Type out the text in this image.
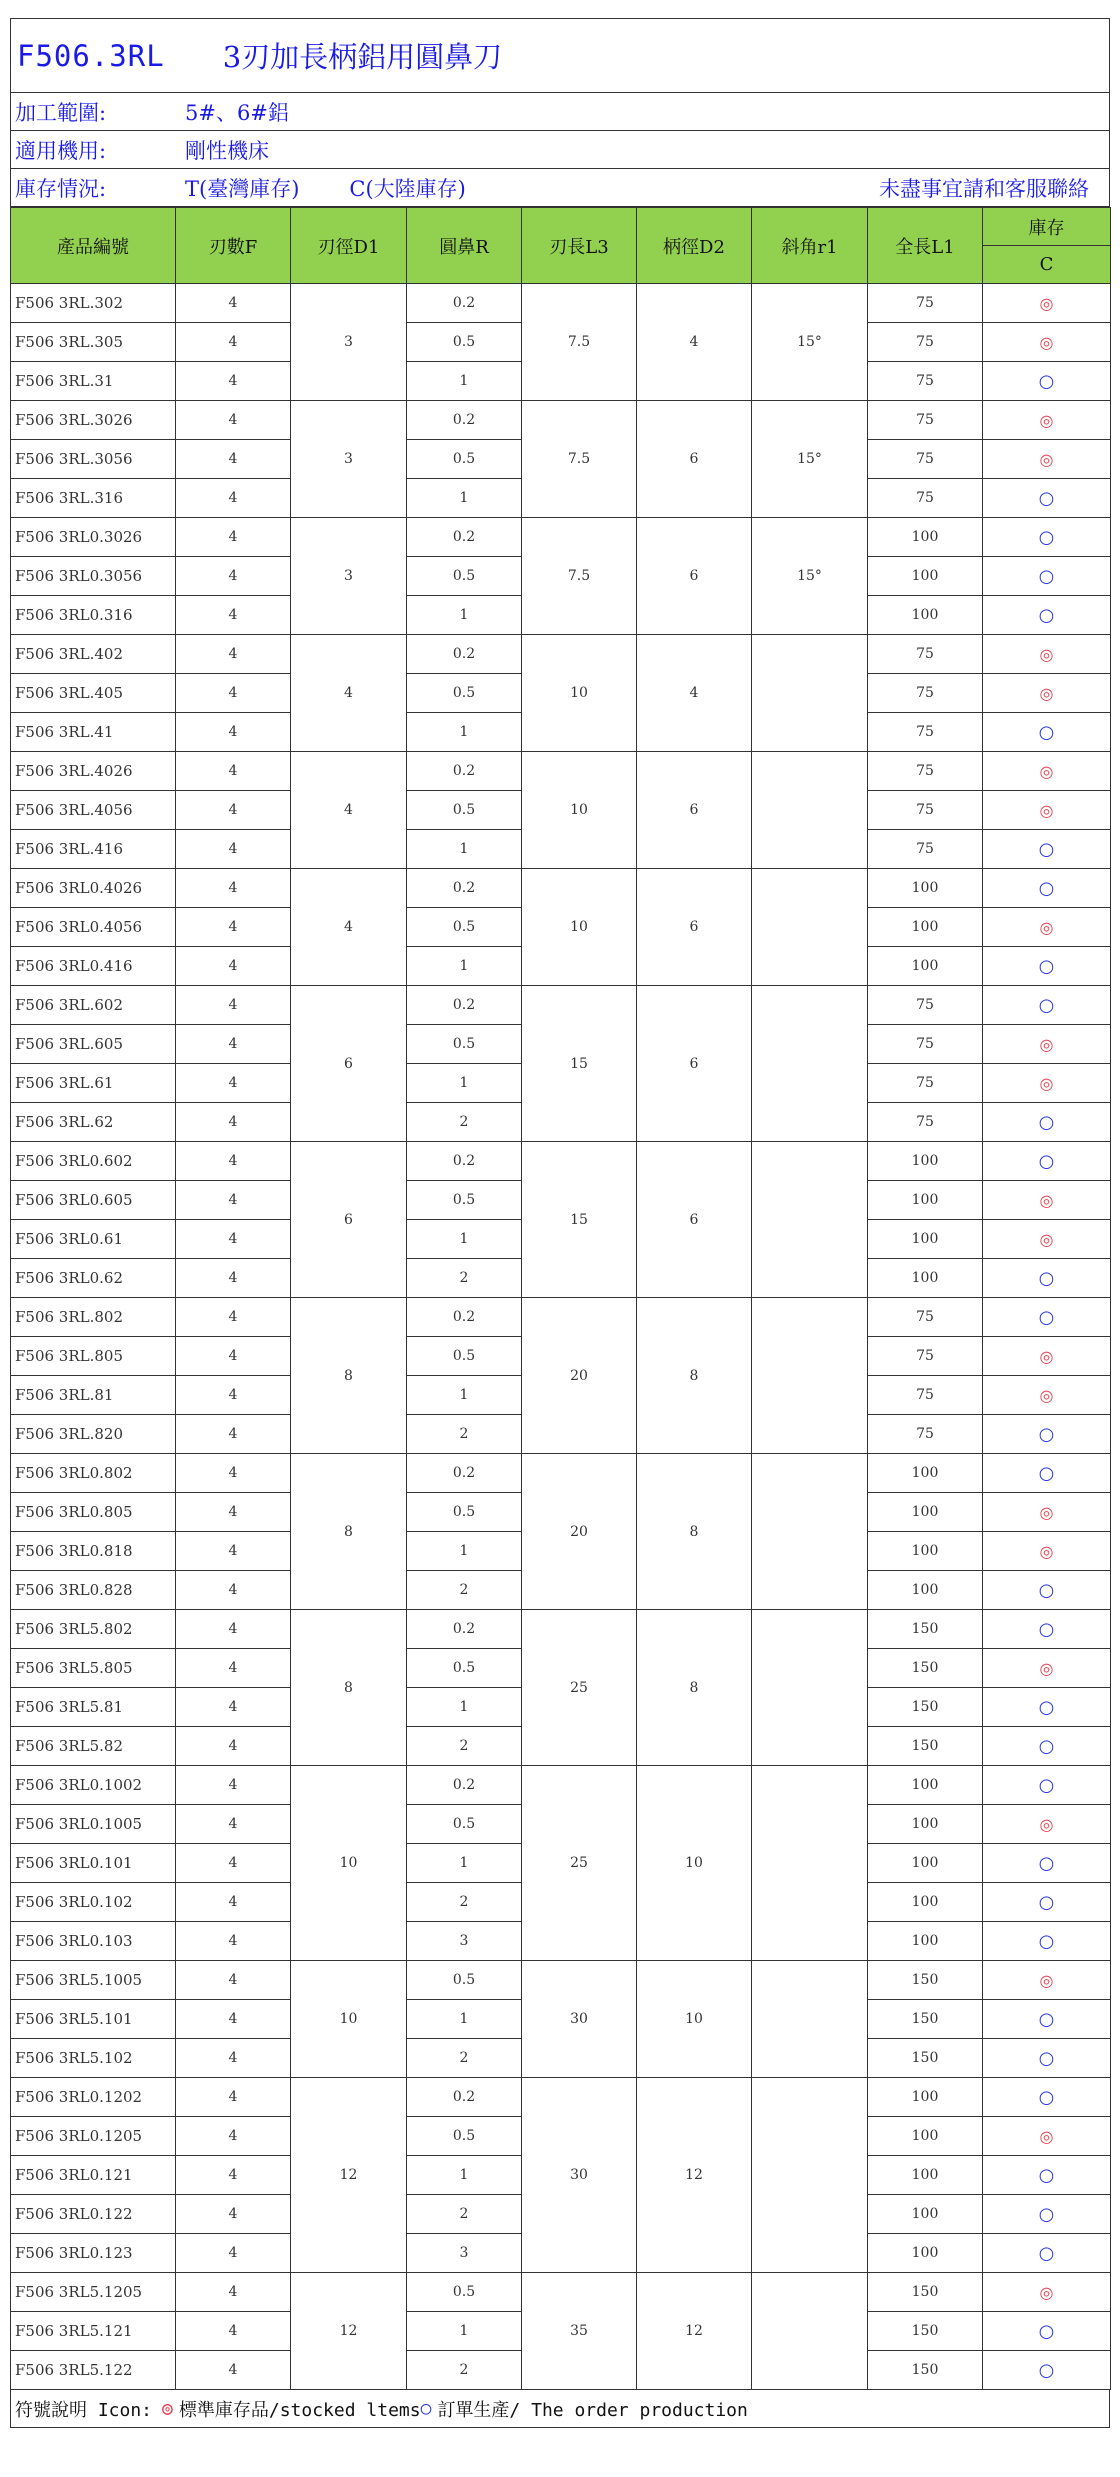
F506.3RL 3刃加長柄鋁用圓鼻刀
加工範圍:	5#、6#鋁
適用機用:	剛性機床
庫存情況:	T(臺灣庫存) C(大陸庫存)	未盡事宜請和客服聯絡
產品編號	刃數F	刃徑D1	圓鼻R	刃長L3	柄徑D2	斜角r1	全長L1	庫存
								C
F506 3RL.302	4	3	0.2	7.5	4	15°	75	◎
F506 3RL.305	4		0.5				75	◎
F506 3RL.31	4		1				75	○
F506 3RL.3026	4	3	0.2	7.5	6	15°	75	◎
F506 3RL.3056	4		0.5				75	◎
F506 3RL.316	4		1				75	○
F506 3RL0.3026	4	3	0.2	7.5	6	15°	100	○
F506 3RL0.3056	4		0.5				100	○
F506 3RL0.316	4		1				100	○
F506 3RL.402	4	4	0.2	10	4		75	◎
F506 3RL.405	4		0.5				75	◎
F506 3RL.41	4		1				75	○
F506 3RL.4026	4	4	0.2	10	6		75	◎
F506 3RL.4056	4		0.5				75	◎
F506 3RL.416	4		1				75	○
F506 3RL0.4026	4	4	0.2	10	6		100	○
F506 3RL0.4056	4		0.5				100	◎
F506 3RL0.416	4		1				100	○
F506 3RL.602	4	6	0.2	15	6		75	○
F506 3RL.605	4		0.5				75	◎
F506 3RL.61	4		1				75	◎
F506 3RL.62	4		2				75	○
F506 3RL0.602	4	6	0.2	15	6		100	○
F506 3RL0.605	4		0.5				100	◎
F506 3RL0.61	4		1				100	◎
F506 3RL0.62	4		2				100	○
F506 3RL.802	4	8	0.2	20	8		75	○
F506 3RL.805	4		0.5				75	◎
F506 3RL.81	4		1				75	◎
F506 3RL.820	4		2				75	○
F506 3RL0.802	4	8	0.2	20	8		100	○
F506 3RL0.805	4		0.5				100	◎
F506 3RL0.818	4		1				100	◎
F506 3RL0.828	4		2				100	○
F506 3RL5.802	4	8	0.2	25	8		150	○
F506 3RL5.805	4		0.5				150	◎
F506 3RL5.81	4		1				150	○
F506 3RL5.82	4		2				150	○
F506 3RL0.1002	4	10	0.2	25	10		100	○
F506 3RL0.1005	4		0.5				100	◎
F506 3RL0.101	4		1				100	○
F506 3RL0.102	4		2				100	○
F506 3RL0.103	4		3				100	○
F506 3RL5.1005	4	10	0.5	30	10		150	◎
F506 3RL5.101	4		1				150	○
F506 3RL5.102	4		2				150	○
F506 3RL0.1202	4	12	0.2	30	12		100	○
F506 3RL0.1205	4		0.5				100	◎
F506 3RL0.121	4		1				100	○
F506 3RL0.122	4		2				100	○
F506 3RL0.123	4		3				100	○
F506 3RL5.1205	4	12	0.5	35	12		150	◎
F506 3RL5.121	4		1				150	○
F506 3RL5.122	4		2				150	○
符號說明 Icon: ◎ 標準庫存品/stocked ltems ○ 訂單生產/ The order production
